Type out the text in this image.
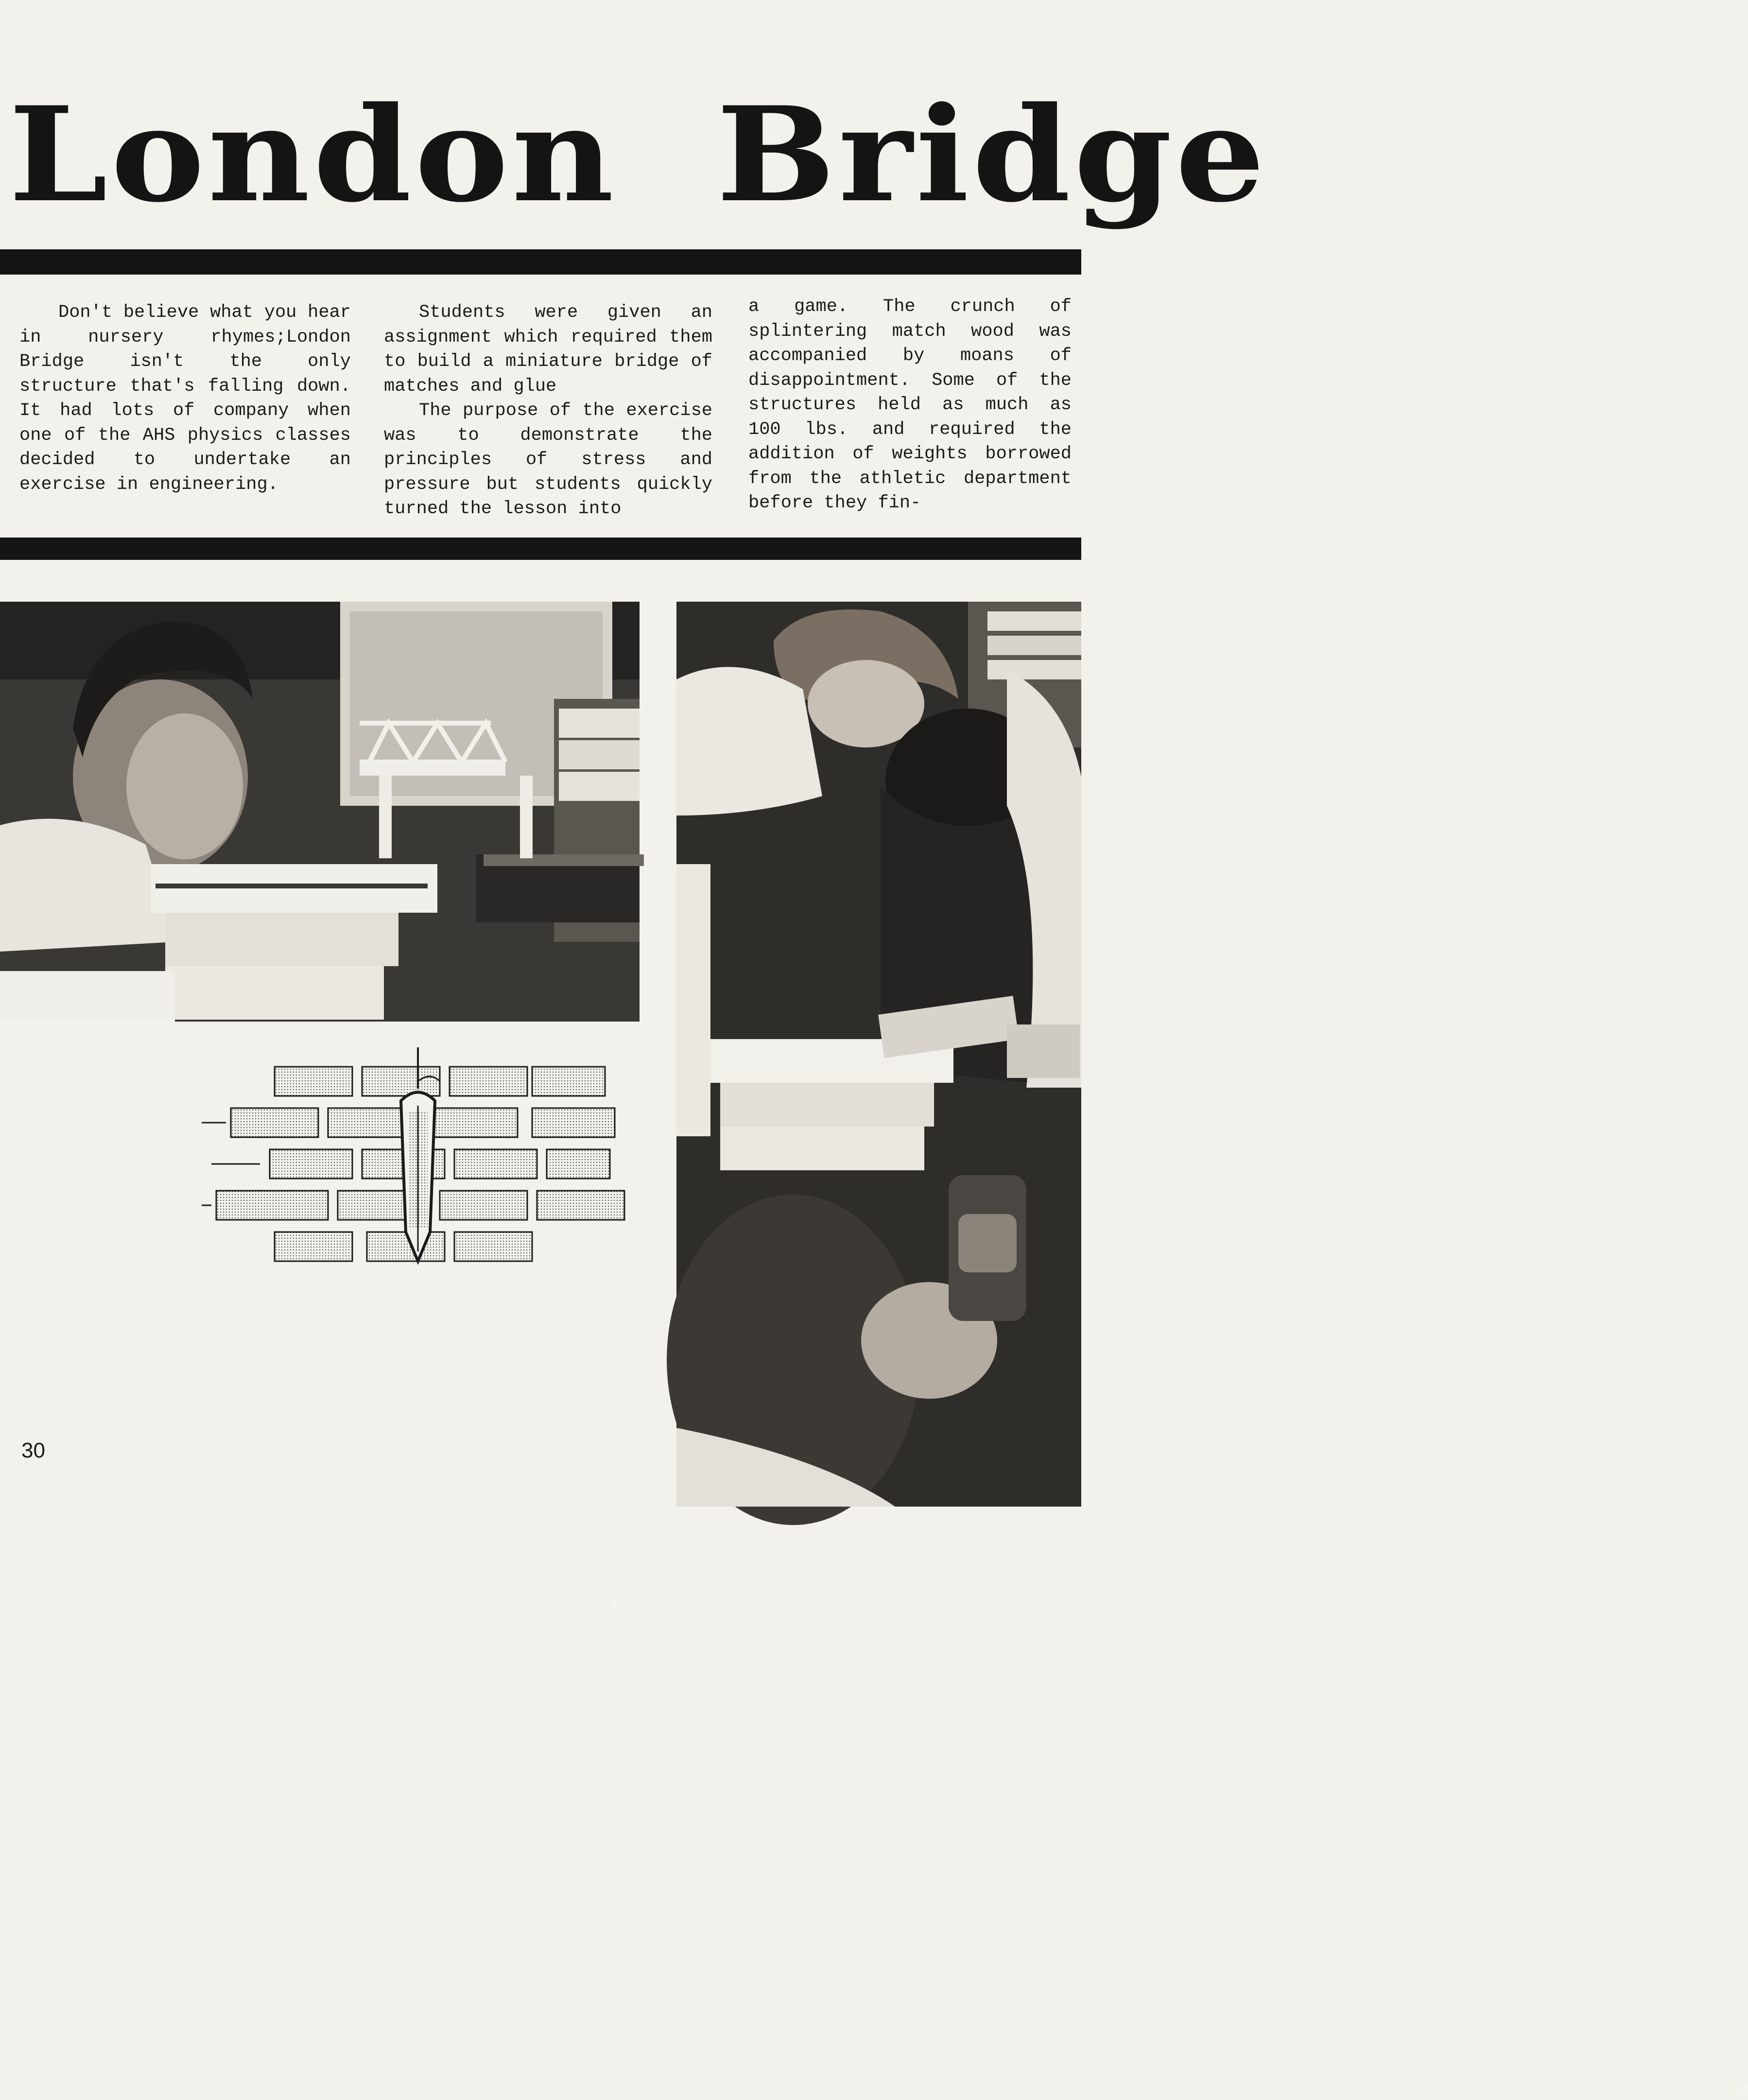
London Bridge

Don't believe what you hear in nursery rhymes;London Bridge isn't the only structure that's falling down. It had lots of company when one of the AHS physics classes decided to undertake an exercise in engineering.

Students were given an assignment which required them to build a miniature bridge of matches and glue

The purpose of the exercise was to demonstrate the principles of stress and pressure but students quickly turned the lesson into

a game. The crunch of splintering match wood was accompanied by moans of disappointment. Some of the structures held as much as 100 lbs. and required the addition of weights borrowed from the athletic department before they fin-

1
2
30
